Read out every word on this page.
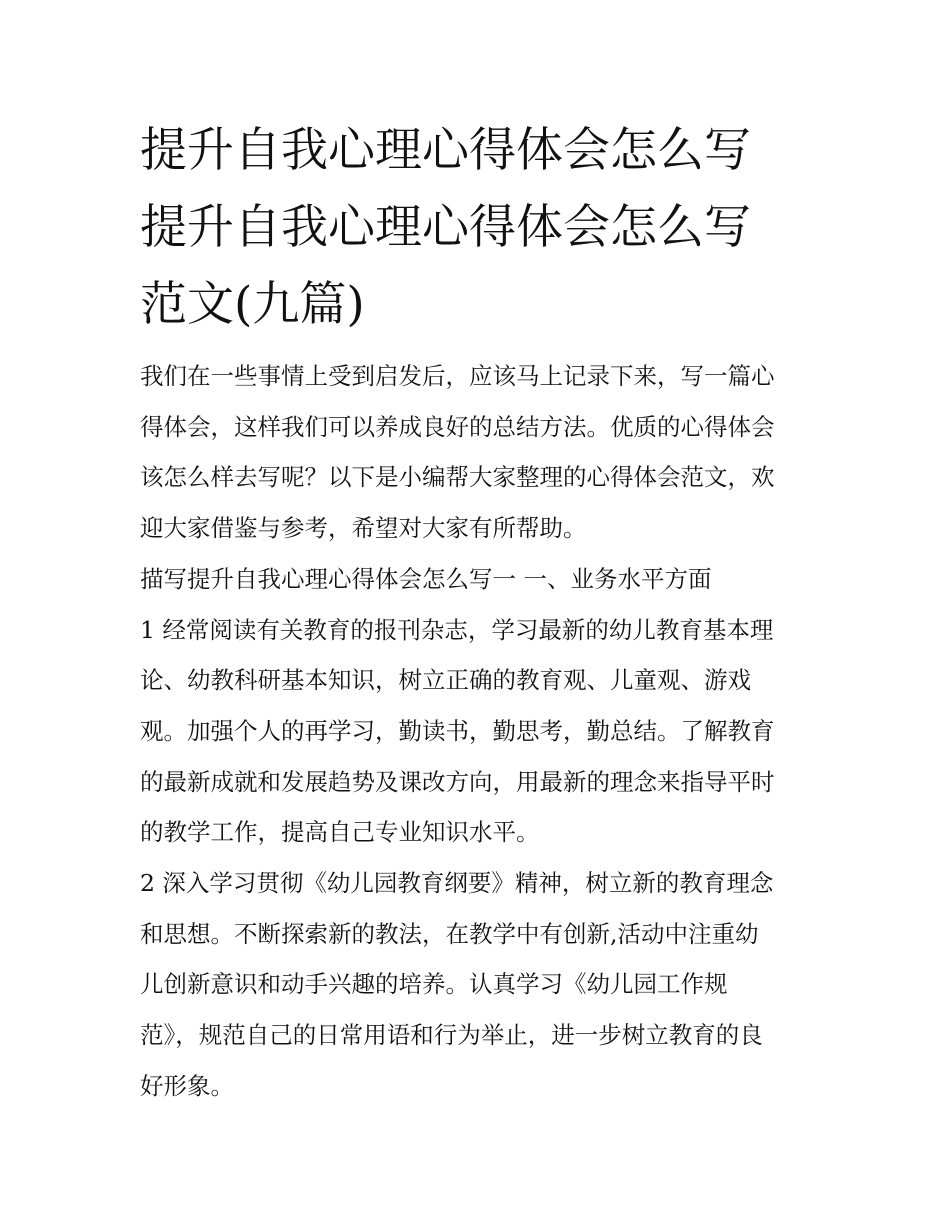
提升自我心理心得体会怎么写
提升自我心理心得体会怎么写
范文(九篇)
我们在一些事情上受到启发后，应该马上记录下来，写一篇心
得体会，这样我们可以养成良好的总结方法。优质的心得体会
该怎么样去写呢？以下是小编帮大家整理的心得体会范文，欢
迎大家借鉴与参考，希望对大家有所帮助。
描写提升自我心理心得体会怎么写一 一、业务水平方面
1 经常阅读有关教育的报刊杂志，学习最新的幼儿教育基本理
论、幼教科研基本知识，树立正确的教育观、儿童观、游戏
观。加强个人的再学习，勤读书，勤思考，勤总结。了解教育
的最新成就和发展趋势及课改方向，用最新的理念来指导平时
的教学工作，提高自己专业知识水平。
2 深入学习贯彻《幼儿园教育纲要》精神，树立新的教育理念
和思想。不断探索新的教法，在教学中有创新,活动中注重幼
儿创新意识和动手兴趣的培养。认真学习《幼儿园工作规
范》，规范自己的日常用语和行为举止，进一步树立教育的良
好形象。
